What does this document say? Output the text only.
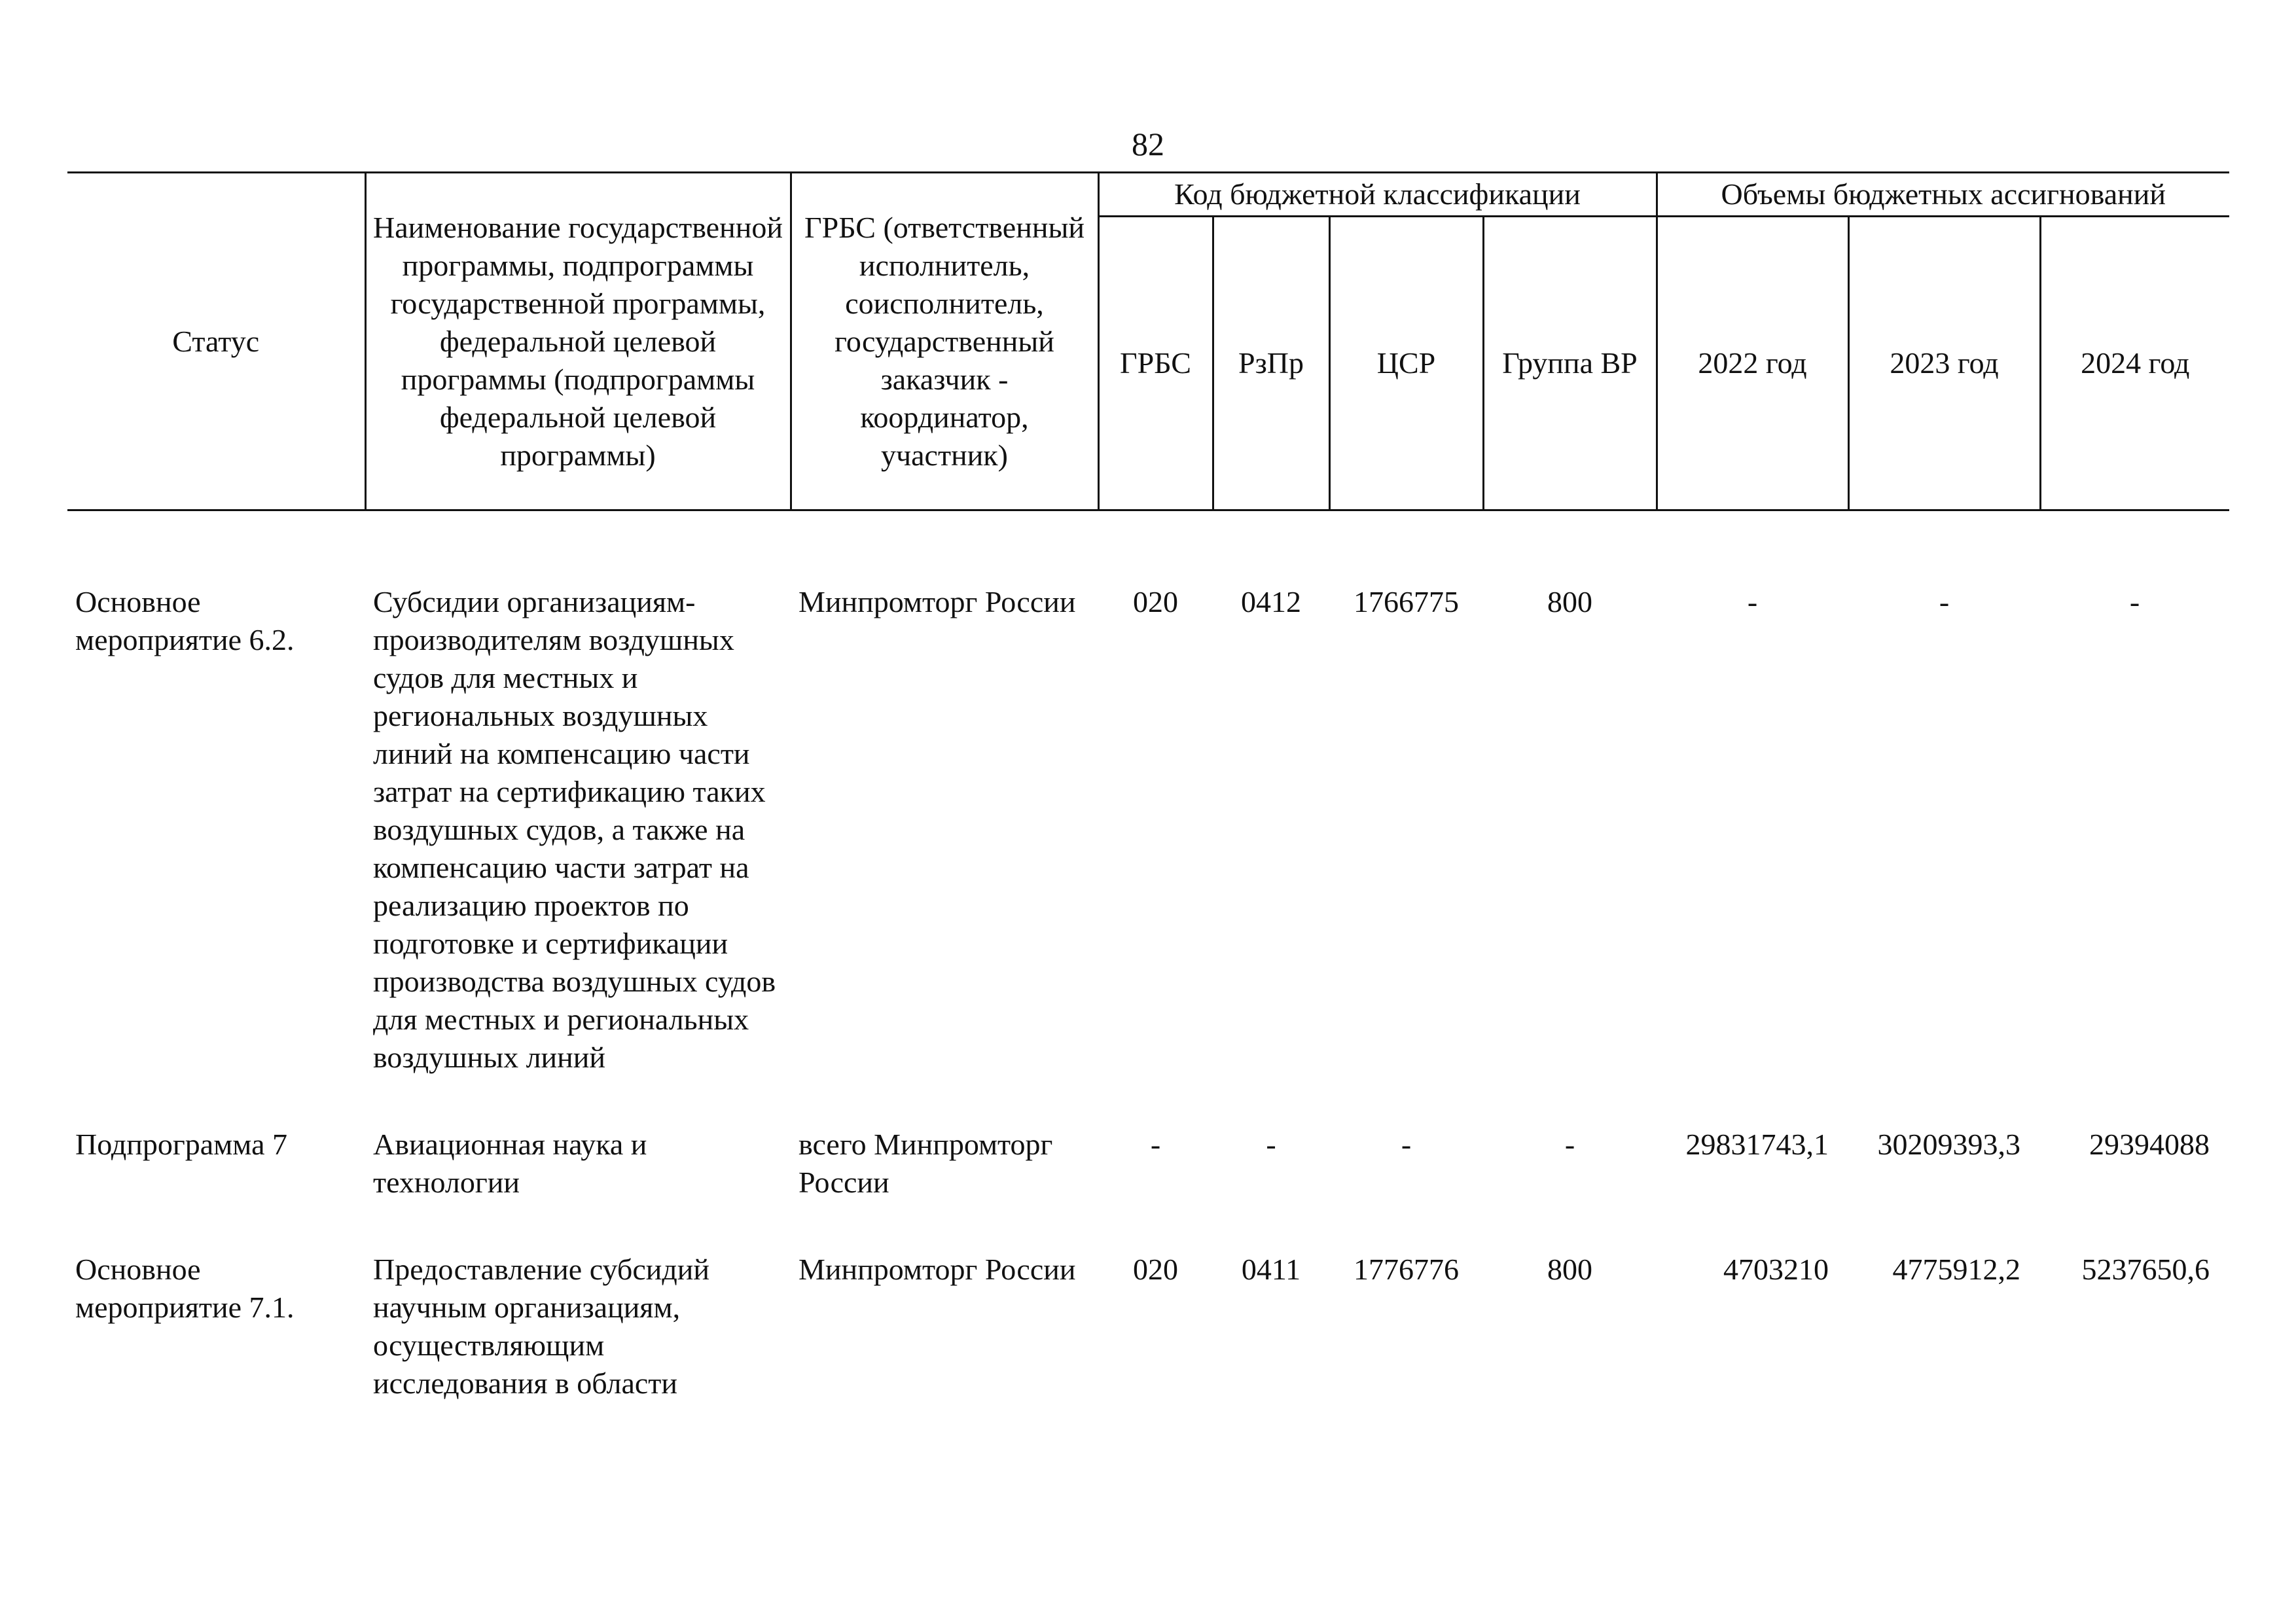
82
Статус	Наименование государственной программы, подпрограммы государственной программы, федеральной целевой программы (подпрограммы федеральной целевой программы)	ГРБС (ответственный исполнитель, соисполнитель, государственный заказчик - координатор, участник)	Код бюджетной классификации				Объемы бюджетных ассигнований		
			ГРБС	РзПр	ЦСР	Группа ВР	2022 год	2023 год	2024 год

Основное мероприятие 6.2.	Субсидии организациям-производителям воздушных судов для местных и региональных воздушных линий на компенсацию части затрат на сертификацию таких воздушных судов, а также на компенсацию части затрат на реализацию проектов по подготовке и сертификации производства воздушных судов для местных и региональных воздушных линий	Минпромторг России	020	0412	1766775	800	-	-	-
Подпрограмма 7	Авиационная наука и технологии	всего Минпромторг России	-	-	-	-	29831743,1	30209393,3	29394088
Основное мероприятие 7.1.	Предоставление субсидий научным организациям, осуществляющим исследования в области	Минпромторг России	020	0411	1776776	800	4703210	4775912,2	5237650,6
